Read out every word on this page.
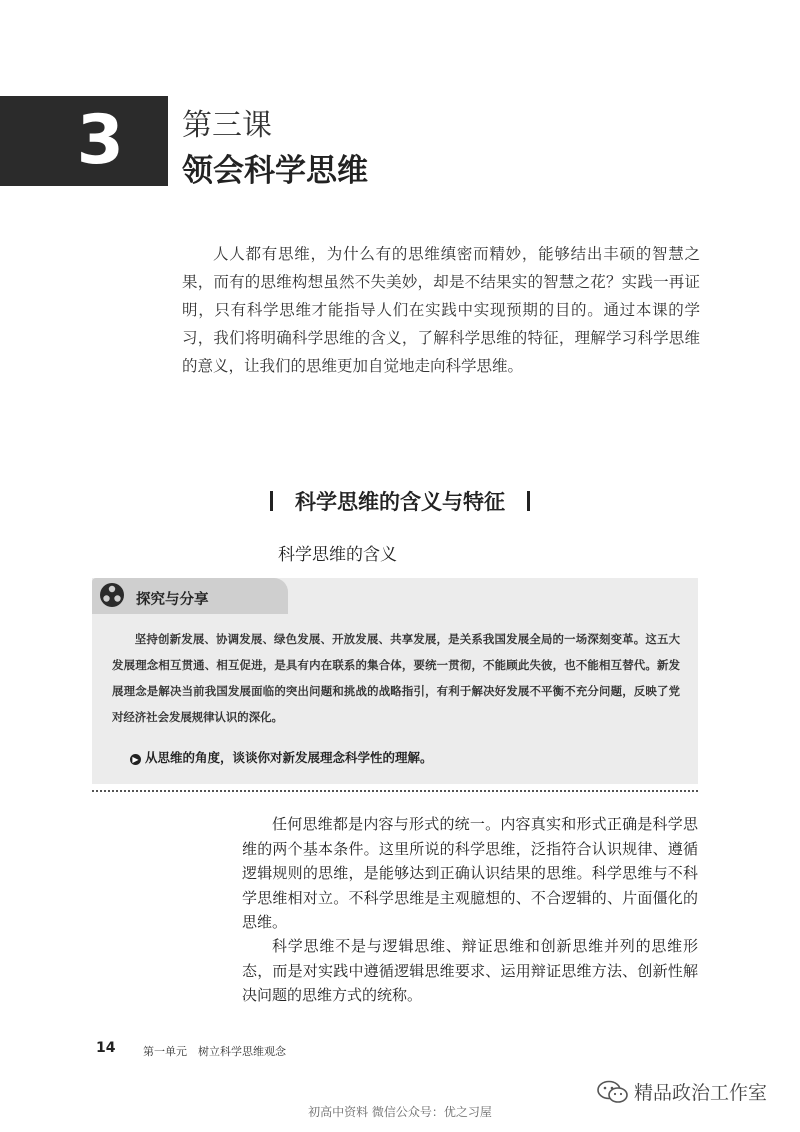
3 第三课
领会科学思维

人人都有思维，为什么有的思维缜密而精妙，能够结出丰硕的智慧之果，而有的思维构想虽然不失美妙，却是不结果实的智慧之花？实践一再证明，只有科学思维才能指导人们在实践中实现预期的目的。通过本课的学习，我们将明确科学思维的含义，了解科学思维的特征，理解学习科学思维的意义，让我们的思维更加自觉地走向科学思维。

科学思维的含义与特征
科学思维的含义
探究与分享

坚持创新发展、协调发展、绿色发展、开放发展、共享发展，是关系我国发展全局的一场深刻变革。这五大发展理念相互贯通、相互促进，是具有内在联系的集合体，要统一贯彻，不能顾此失彼，也不能相互替代。新发展理念是解决当前我国发展面临的突出问题和挑战的战略指引，有利于解决好发展不平衡不充分问题，反映了党对经济社会发展规律认识的深化。

▶ 从思维的角度，谈谈你对新发展理念科学性的理解。

任何思维都是内容与形式的统一。内容真实和形式正确是科学思维的两个基本条件。这里所说的科学思维，泛指符合认识规律、遵循逻辑规则的思维，是能够达到正确认识结果的思维。科学思维与不科学思维相对立。不科学思维是主观臆想的、不合逻辑的、片面僵化的思维。

科学思维不是与逻辑思维、辩证思维和创新思维并列的思维形态，而是对实践中遵循逻辑思维要求、运用辩证思维方法、创新性解决问题的思维方式的统称。

14	第一单元　树立科学思维观念
精品政治工作室
初高中资料 微信公众号：优之习屋
